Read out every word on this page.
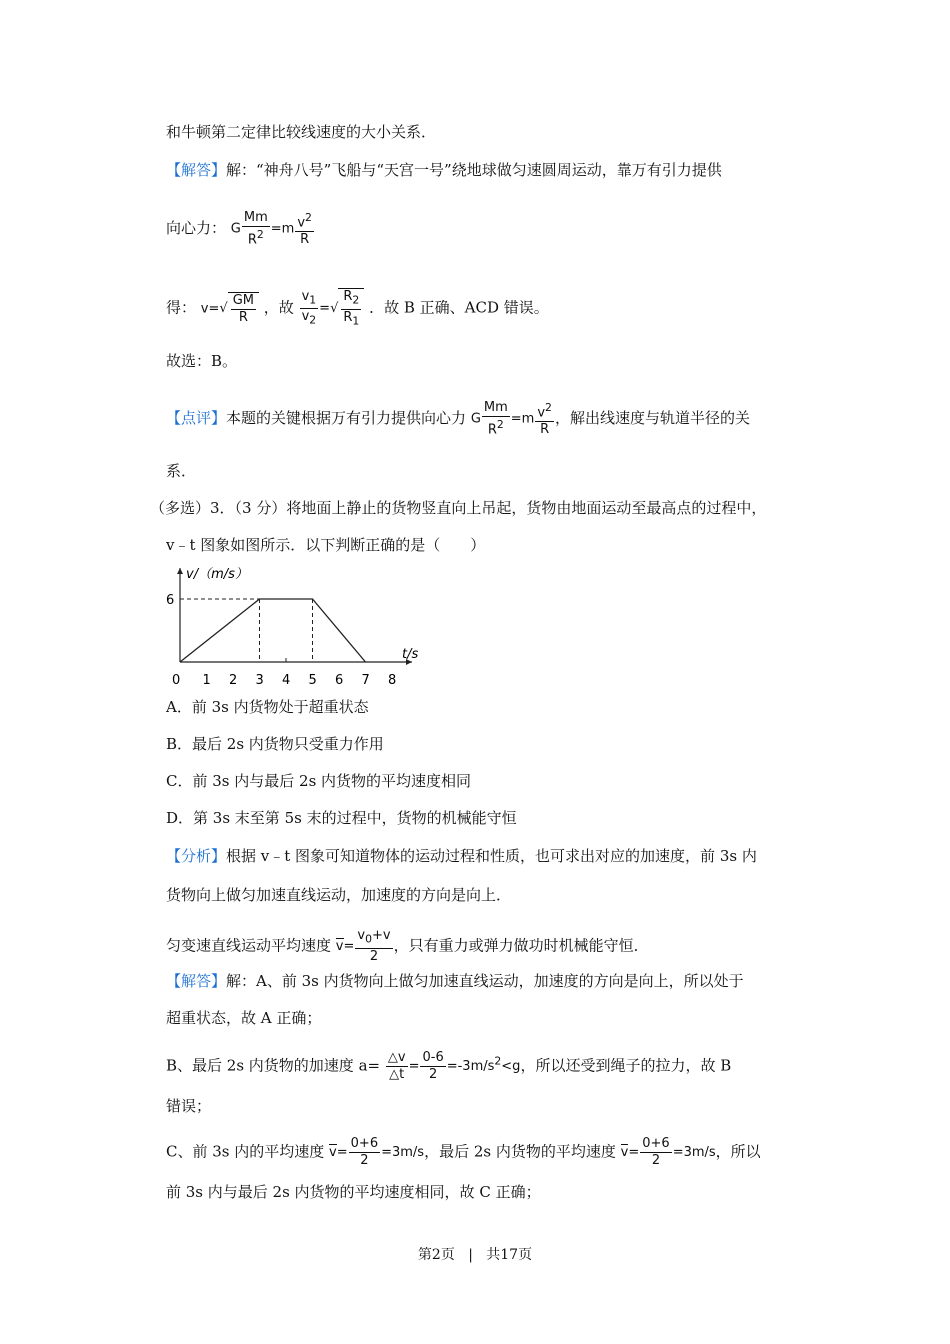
和牛顿第二定律比较线速度的大小关系．
【解答】解：“神舟八号”飞船与“天宫一号”绕地球做匀速圆周运动，靠万有引力提供
向心力： G $\frac{Mm}{R^2} =m \frac{v^2}{R}$
得： $v=√ \frac{GM}{R}$ ，故 $\frac{v_1}{v_2}$ =√ $\frac{R_2}{R_1}$ ．故 B 正确、ACD 错误。
故选：B。
【点评】本题的关键根据万有引力提供向心力 G $\frac{Mm}{R^2} =m \frac{v^2}{R}$ ，解出线速度与轨道半径的关
系．
（多选）3．（3 分）将地面上静止的货物竖直向上吊起，货物由地面运动至最高点的过程中，
v﹣t 图象如图所示．以下判断正确的是（　　）
v/（m/s）
t/s
0 1 2 3 4 5 6 7 8
6
A．前 3s 内货物处于超重状态
B．最后 2s 内货物只受重力作用
C．前 3s 内与最后 2s 内货物的平均速度相同
D．第 3s 末至第 5s 末的过程中，货物的机械能守恒
【分析】根据 v﹣t 图象可知道物体的运动过程和性质，也可求出对应的加速度，前 3s 内
货物向上做匀加速直线运动，加速度的方向是向上．
匀变速直线运动平均速度 $v= \frac{v_0+v}{2}$ ，只有重力或弹力做功时机械能守恒．
【解答】解：A、前 3s 内货物向上做匀加速直线运动，加速度的方向是向上，所以处于
超重状态，故 A 正确；
B、最后 2s 内货物的加速度 $a= \frac{\triangle v}{\triangle t} = \frac{0-6}{2} =-3m/s^2<g$，所以还受到绳子的拉力，故 B
错误；
C、前 3s 内的平均速度 $v= \frac{0+6}{2} =3m/s$，最后 2s 内货物的平均速度 $v= \frac{0+6}{2} =3m/s$，所以
前 3s 内与最后 2s 内货物的平均速度相同，故 C 正确；
第2页 | 共17页
